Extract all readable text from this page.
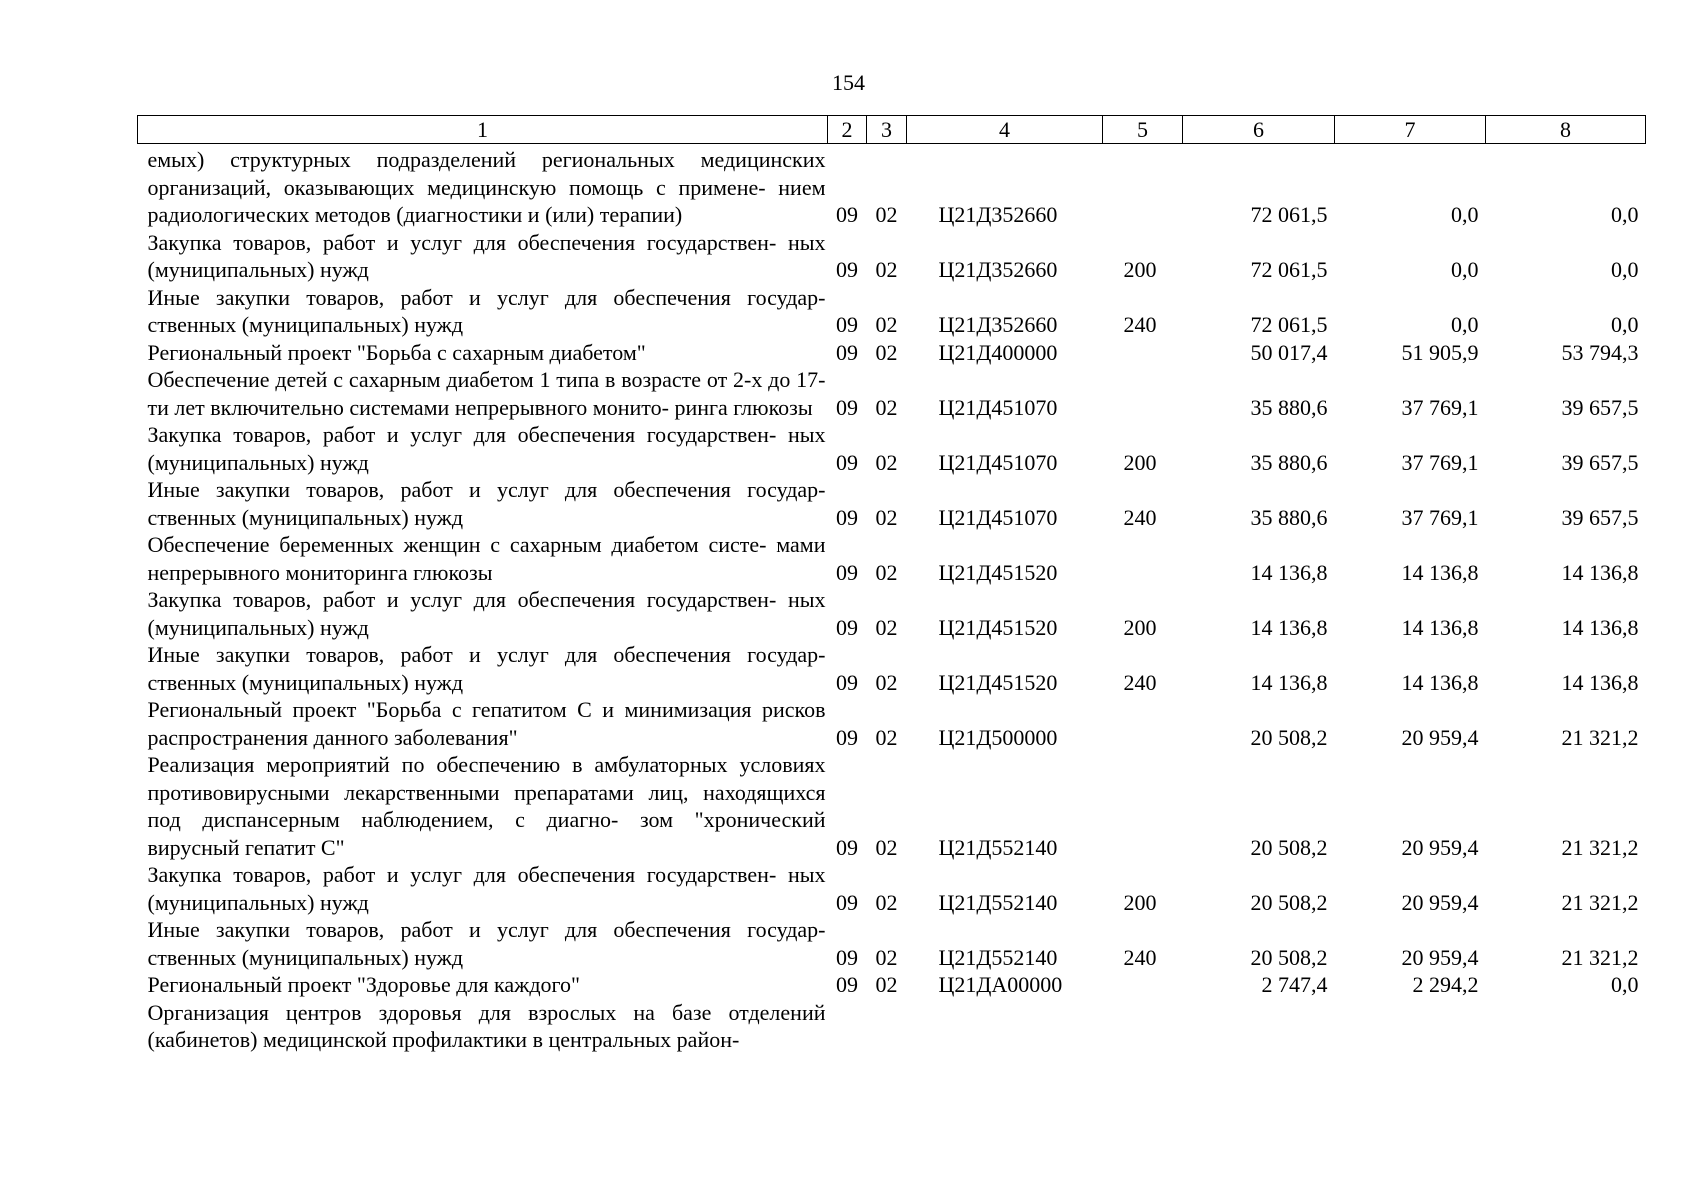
154
1	2	3	4	5	6	7	8
емых) структурных подразделений региональных медицинских организаций, оказывающих медицинскую помощь с примене- нием радиологических методов (диагностики и (или) терапии)	09	02	Ц21Д352660		72 061,5	0,0	0,0
Закупка товаров, работ и услуг для обеспечения государствен- ных (муниципальных) нужд	09	02	Ц21Д352660	200	72 061,5	0,0	0,0
Иные закупки товаров, работ и услуг для обеспечения государ- ственных (муниципальных) нужд	09	02	Ц21Д352660	240	72 061,5	0,0	0,0
Региональный проект "Борьба с сахарным диабетом"	09	02	Ц21Д400000		50 017,4	51 905,9	53 794,3
Обеспечение детей с сахарным диабетом 1 типа в возрасте от 2-х до 17-ти лет включительно системами непрерывного монито- ринга глюкозы	09	02	Ц21Д451070		35 880,6	37 769,1	39 657,5
Закупка товаров, работ и услуг для обеспечения государствен- ных (муниципальных) нужд	09	02	Ц21Д451070	200	35 880,6	37 769,1	39 657,5
Иные закупки товаров, работ и услуг для обеспечения государ- ственных (муниципальных) нужд	09	02	Ц21Д451070	240	35 880,6	37 769,1	39 657,5
Обеспечение беременных женщин с сахарным диабетом систе- мами непрерывного мониторинга глюкозы	09	02	Ц21Д451520		14 136,8	14 136,8	14 136,8
Закупка товаров, работ и услуг для обеспечения государствен- ных (муниципальных) нужд	09	02	Ц21Д451520	200	14 136,8	14 136,8	14 136,8
Иные закупки товаров, работ и услуг для обеспечения государ- ственных (муниципальных) нужд	09	02	Ц21Д451520	240	14 136,8	14 136,8	14 136,8
Региональный проект "Борьба с гепатитом С и минимизация рисков распространения данного заболевания"	09	02	Ц21Д500000		20 508,2	20 959,4	21 321,2
Реализация мероприятий по обеспечению в амбулаторных условиях противовирусными лекарственными препаратами лиц, находящихся под диспансерным наблюдением, с диагно- зом "хронический вирусный гепатит С"	09	02	Ц21Д552140		20 508,2	20 959,4	21 321,2
Закупка товаров, работ и услуг для обеспечения государствен- ных (муниципальных) нужд	09	02	Ц21Д552140	200	20 508,2	20 959,4	21 321,2
Иные закупки товаров, работ и услуг для обеспечения государ- ственных (муниципальных) нужд	09	02	Ц21Д552140	240	20 508,2	20 959,4	21 321,2
Региональный проект "Здоровье для каждого"	09	02	Ц21ДА00000		2 747,4	2 294,2	0,0
Организация центров здоровья для взрослых на базе отделений (кабинетов) медицинской профилактики в центральных район-							
